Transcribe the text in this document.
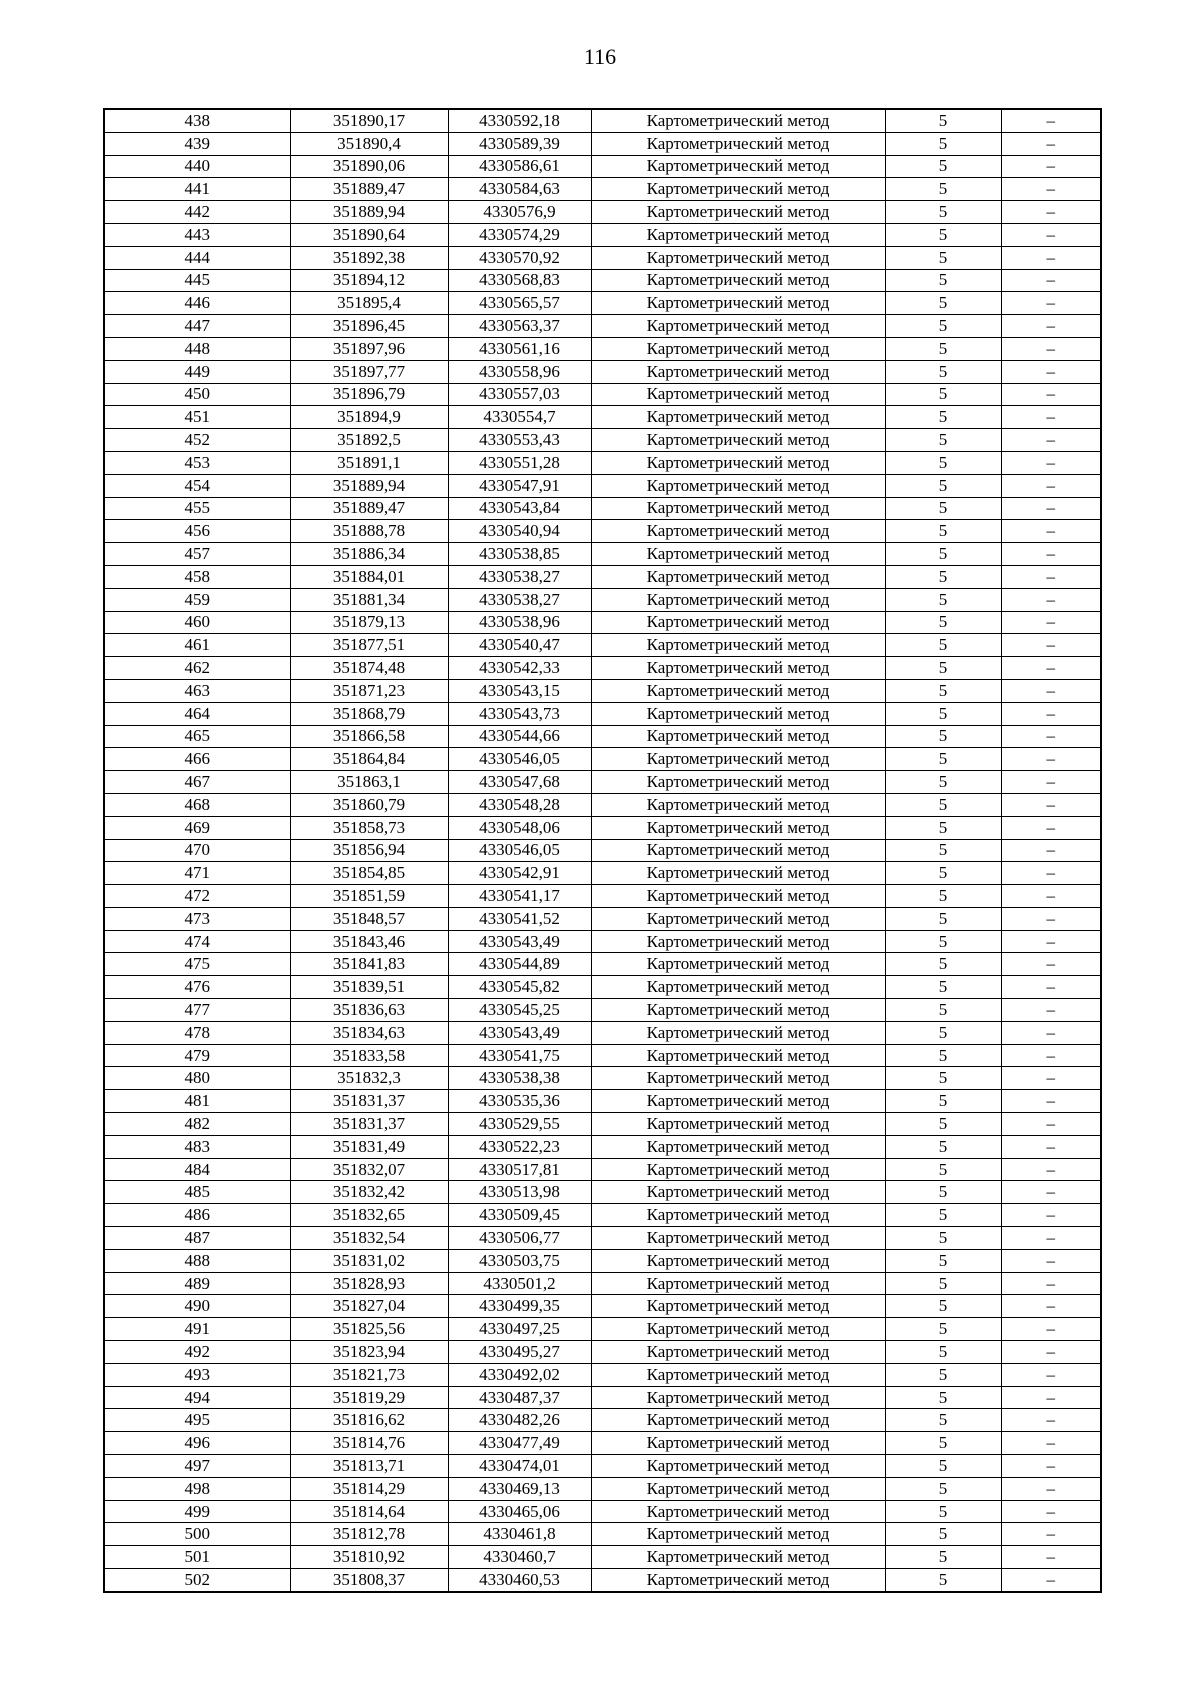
116
438	351890,17	4330592,18	Картометрический метод	5	–
439	351890,4	4330589,39	Картометрический метод	5	–
440	351890,06	4330586,61	Картометрический метод	5	–
441	351889,47	4330584,63	Картометрический метод	5	–
442	351889,94	4330576,9	Картометрический метод	5	–
443	351890,64	4330574,29	Картометрический метод	5	–
444	351892,38	4330570,92	Картометрический метод	5	–
445	351894,12	4330568,83	Картометрический метод	5	–
446	351895,4	4330565,57	Картометрический метод	5	–
447	351896,45	4330563,37	Картометрический метод	5	–
448	351897,96	4330561,16	Картометрический метод	5	–
449	351897,77	4330558,96	Картометрический метод	5	–
450	351896,79	4330557,03	Картометрический метод	5	–
451	351894,9	4330554,7	Картометрический метод	5	–
452	351892,5	4330553,43	Картометрический метод	5	–
453	351891,1	4330551,28	Картометрический метод	5	–
454	351889,94	4330547,91	Картометрический метод	5	–
455	351889,47	4330543,84	Картометрический метод	5	–
456	351888,78	4330540,94	Картометрический метод	5	–
457	351886,34	4330538,85	Картометрический метод	5	–
458	351884,01	4330538,27	Картометрический метод	5	–
459	351881,34	4330538,27	Картометрический метод	5	–
460	351879,13	4330538,96	Картометрический метод	5	–
461	351877,51	4330540,47	Картометрический метод	5	–
462	351874,48	4330542,33	Картометрический метод	5	–
463	351871,23	4330543,15	Картометрический метод	5	–
464	351868,79	4330543,73	Картометрический метод	5	–
465	351866,58	4330544,66	Картометрический метод	5	–
466	351864,84	4330546,05	Картометрический метод	5	–
467	351863,1	4330547,68	Картометрический метод	5	–
468	351860,79	4330548,28	Картометрический метод	5	–
469	351858,73	4330548,06	Картометрический метод	5	–
470	351856,94	4330546,05	Картометрический метод	5	–
471	351854,85	4330542,91	Картометрический метод	5	–
472	351851,59	4330541,17	Картометрический метод	5	–
473	351848,57	4330541,52	Картометрический метод	5	–
474	351843,46	4330543,49	Картометрический метод	5	–
475	351841,83	4330544,89	Картометрический метод	5	–
476	351839,51	4330545,82	Картометрический метод	5	–
477	351836,63	4330545,25	Картометрический метод	5	–
478	351834,63	4330543,49	Картометрический метод	5	–
479	351833,58	4330541,75	Картометрический метод	5	–
480	351832,3	4330538,38	Картометрический метод	5	–
481	351831,37	4330535,36	Картометрический метод	5	–
482	351831,37	4330529,55	Картометрический метод	5	–
483	351831,49	4330522,23	Картометрический метод	5	–
484	351832,07	4330517,81	Картометрический метод	5	–
485	351832,42	4330513,98	Картометрический метод	5	–
486	351832,65	4330509,45	Картометрический метод	5	–
487	351832,54	4330506,77	Картометрический метод	5	–
488	351831,02	4330503,75	Картометрический метод	5	–
489	351828,93	4330501,2	Картометрический метод	5	–
490	351827,04	4330499,35	Картометрический метод	5	–
491	351825,56	4330497,25	Картометрический метод	5	–
492	351823,94	4330495,27	Картометрический метод	5	–
493	351821,73	4330492,02	Картометрический метод	5	–
494	351819,29	4330487,37	Картометрический метод	5	–
495	351816,62	4330482,26	Картометрический метод	5	–
496	351814,76	4330477,49	Картометрический метод	5	–
497	351813,71	4330474,01	Картометрический метод	5	–
498	351814,29	4330469,13	Картометрический метод	5	–
499	351814,64	4330465,06	Картометрический метод	5	–
500	351812,78	4330461,8	Картометрический метод	5	–
501	351810,92	4330460,7	Картометрический метод	5	–
502	351808,37	4330460,53	Картометрический метод	5	–
